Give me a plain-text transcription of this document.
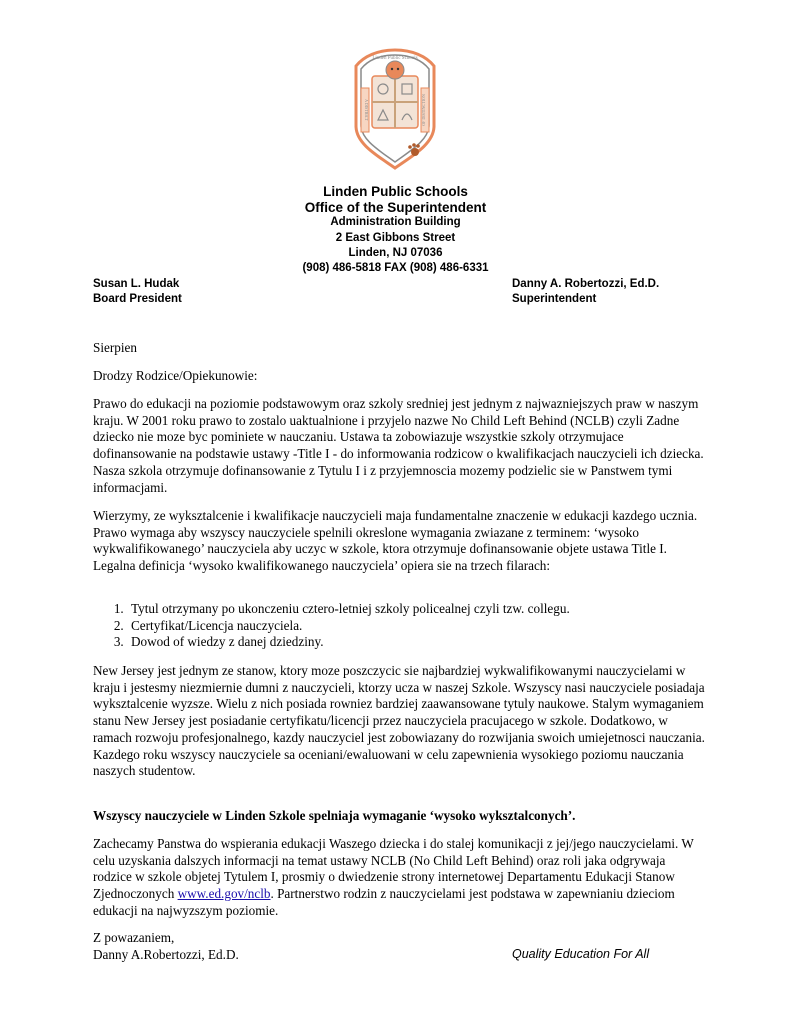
Linden Public Schools
A DISTRICT	OF DISTINCTION
Linden Public Schools
Office of the Superintendent
Administration Building
2 East Gibbons Street
Linden, NJ 07036
(908) 486-5818 FAX (908) 486-6331
Susan L. Hudak
Board President
Danny A. Robertozzi, Ed.D.
Superintendent
Sierpien
Drodzy Rodzice/Opiekunowie:
Prawo do edukacji na poziomie podstawowym oraz szkoly sredniej jest jednym z najwazniejszych praw w naszym kraju. W 2001 roku prawo to zostalo uaktualnione i przyjelo nazwe No Child Left Behind (NCLB) czyli Zadne dziecko nie moze byc pominiete w nauczaniu. Ustawa ta zobowiazuje wszystkie szkoly otrzymujace dofinansowanie na podstawie ustawy -Title I - do informowania rodzicow o kwalifikacjach nauczycieli ich dziecka. Nasza szkola otrzymuje dofinansowanie z Tytulu I i z przyjemnoscia mozemy podzielic sie w Panstwem tymi informacjami.
Wierzymy, ze wyksztalcenie i kwalifikacje nauczycieli maja fundamentalne znaczenie w edukacji kazdego ucznia. Prawo wymaga aby wszyscy nauczyciele spelnili okreslone wymagania zwiazane z terminem: ‘wysoko wykwalifikowanego’ nauczyciela aby uczyc w szkole, ktora otrzymuje dofinansowanie objete ustawa Title I. Legalna definicja ‘wysoko kwalifikowanego nauczyciela’ opiera sie na trzech filarach:
1. Tytul otrzymany po ukonczeniu cztero-letniej szkoly policealnej czyli tzw. collegu.
2. Certyfikat/Licencja nauczyciela.
3. Dowod of wiedzy z danej dziedziny.
New Jersey jest jednym ze stanow, ktory moze poszczycic sie najbardziej wykwalifikowanymi nauczycielami w kraju i jestesmy niezmiernie dumni z nauczycieli, ktorzy ucza w naszej Szkole. Wszyscy nasi nauczyciele posiadaja wyksztalcenie wyzsze. Wielu z nich posiada rowniez bardziej zaawansowane tytuly naukowe. Stalym wymaganiem stanu New Jersey jest posiadanie certyfikatu/licencji przez nauczyciela pracujacego w szkole. Dodatkowo, w ramach rozwoju profesjonalnego, kazdy nauczyciel jest zobowiazany do rozwijania swoich umiejetnosci nauczania. Kazdego roku wszyscy nauczyciele sa oceniani/ewaluowani w celu zapewnienia wysokiego poziomu nauczania naszych studentow.
Wszyscy nauczyciele w Linden Szkole spelniaja wymaganie ‘wysoko wyksztalconych’.
Zachecamy Panstwa do wspierania edukacji Waszego dziecka i do stalej komunikacji z jej/jego nauczycielami. W celu uzyskania dalszych informacji na temat ustawy NCLB (No Child Left Behind) oraz roli jaka odgrywaja rodzice w szkole objetej Tytulem I, prosmiy o dwiedzenie strony internetowej Departamentu Edukacji Stanow Zjednoczonych www.ed.gov/nclb. Partnerstwo rodzin z nauczycielami jest podstawa w zapewnianiu dzieciom edukacji na najwyzszym poziomie.
Z powazaniem,
Danny A.Robertozzi, Ed.D.	Quality Education For All
